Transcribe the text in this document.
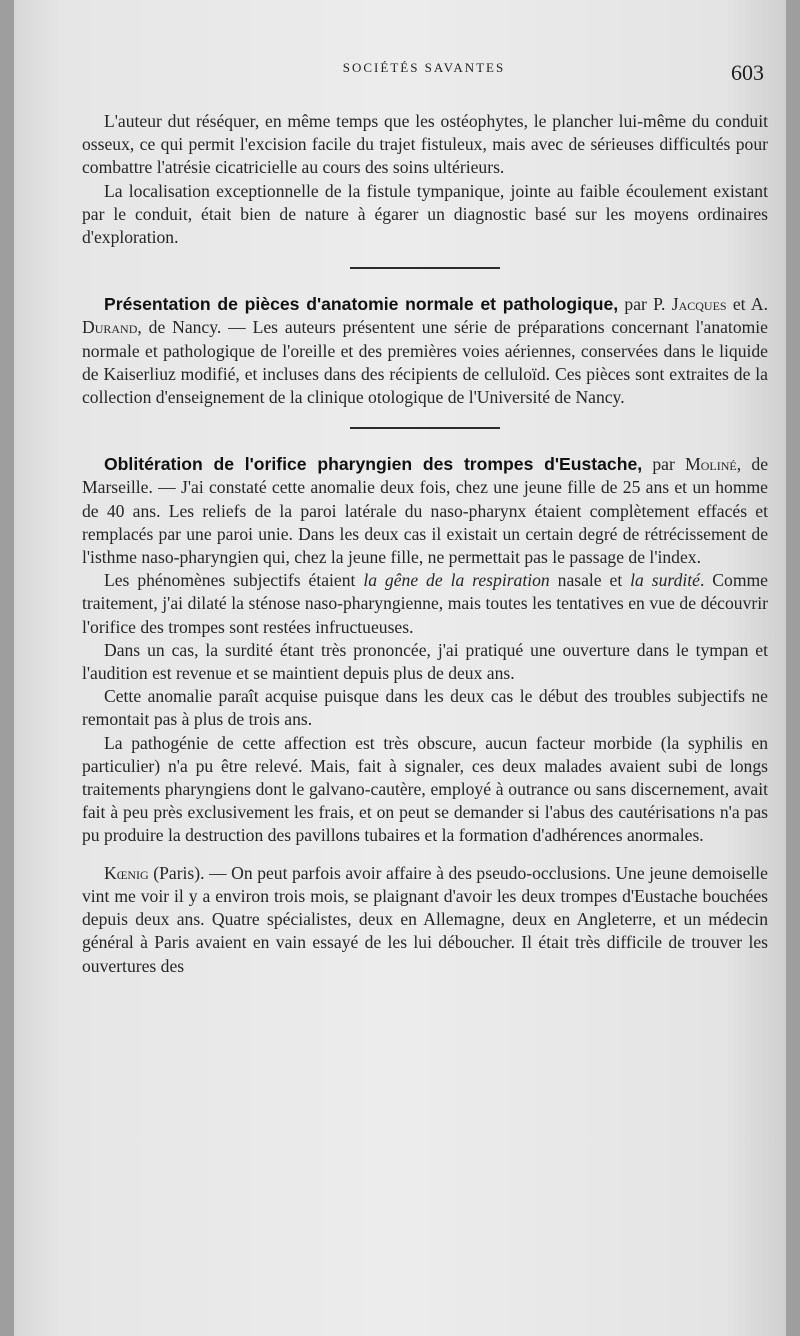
SOCIÉTÉS SAVANTES	603

L'auteur dut réséquer, en même temps que les ostéophytes, le plancher lui-même du conduit osseux, ce qui permit l'excision facile du trajet fistuleux, mais avec de sérieuses difficultés pour combattre l'atrésie cicatricielle au cours des soins ultérieurs.

La localisation exceptionnelle de la fistule tympanique, jointe au faible écoulement existant par le conduit, était bien de nature à égarer un diagnostic basé sur les moyens ordinaires d'exploration.

Présentation de pièces d'anatomie normale et pathologique, par P. Jacques et A. Durand, de Nancy. — Les auteurs présentent une série de préparations concernant l'anatomie normale et pathologique de l'oreille et des premières voies aériennes, conservées dans le liquide de Kaiserliuz modifié, et incluses dans des récipients de celluloïd. Ces pièces sont extraites de la collection d'enseignement de la clinique otologique de l'Université de Nancy.

Oblitération de l'orifice pharyngien des trompes d'Eustache, par Moliné, de Marseille. — J'ai constaté cette anomalie deux fois, chez une jeune fille de 25 ans et un homme de 40 ans. Les reliefs de la paroi latérale du naso-pharynx étaient complètement effacés et remplacés par une paroi unie. Dans les deux cas il existait un certain degré de rétrécissement de l'isthme naso-pharyngien qui, chez la jeune fille, ne permettait pas le passage de l'index.

Les phénomènes subjectifs étaient la gêne de la respiration nasale et la surdité. Comme traitement, j'ai dilaté la sténose naso-pharyngienne, mais toutes les tentatives en vue de découvrir l'orifice des trompes sont restées infructueuses.

Dans un cas, la surdité étant très prononcée, j'ai pratiqué une ouverture dans le tympan et l'audition est revenue et se maintient depuis plus de deux ans.

Cette anomalie paraît acquise puisque dans les deux cas le début des troubles subjectifs ne remontait pas à plus de trois ans.

La pathogénie de cette affection est très obscure, aucun facteur morbide (la syphilis en particulier) n'a pu être relevé. Mais, fait à signaler, ces deux malades avaient subi de longs traitements pharyngiens dont le galvano-cautère, employé à outrance ou sans discernement, avait fait à peu près exclusivement les frais, et on peut se demander si l'abus des cautérisations n'a pas pu produire la destruction des pavillons tubaires et la formation d'adhérences anormales.

Kœnig (Paris). — On peut parfois avoir affaire à des pseudo-occlusions. Une jeune demoiselle vint me voir il y a environ trois mois, se plaignant d'avoir les deux trompes d'Eustache bouchées depuis deux ans. Quatre spécialistes, deux en Allemagne, deux en Angleterre, et un médecin général à Paris avaient en vain essayé de les lui déboucher. Il était très difficile de trouver les ouvertures des
